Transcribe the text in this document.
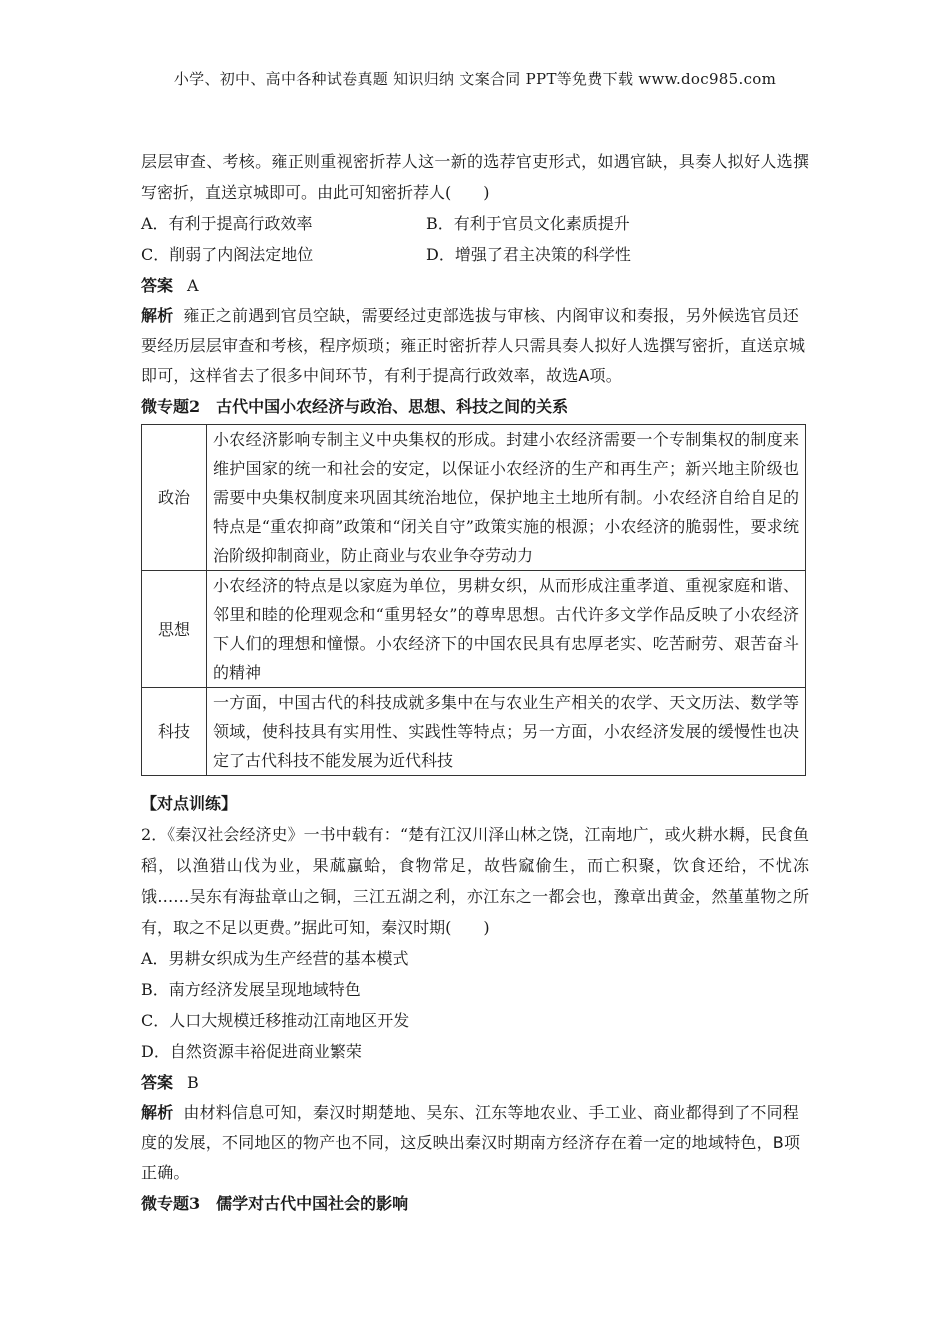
小学、初中、高中各种试卷真题 知识归纳 文案合同 PPT等免费下载 www.doc985.com

层层审查、考核。雍正则重视密折荐人这一新的选荐官吏形式，如遇官缺，具奏人拟好人选撰写密折，直送京城即可。由此可知密折荐人(　　)

A．有利于提高行政效率	B．有利于官员文化素质提升
C．削弱了内阁法定地位	D．增强了君主决策的科学性
答案 A
解析 雍正之前遇到官员空缺，需要经过吏部选拔与审核、内阁审议和奏报，另外候选官员还要经历层层审查和考核，程序烦琐；雍正时密折荐人只需具奏人拟好人选撰写密折，直送京城即可，这样省去了很多中间环节，有利于提高行政效率，故选A项。
微专题2　古代中国小农经济与政治、思想、科技之间的关系
政治	小农经济影响专制主义中央集权的形成。封建小农经济需要一个专制集权的制度来维护国家的统一和社会的安定，以保证小农经济的生产和再生产；新兴地主阶级也需要中央集权制度来巩固其统治地位，保护地主土地所有制。小农经济自给自足的特点是“重农抑商”政策和“闭关自守”政策实施的根源；小农经济的脆弱性，要求统治阶级抑制商业，防止商业与农业争夺劳动力
思想	小农经济的特点是以家庭为单位，男耕女织，从而形成注重孝道、重视家庭和谐、邻里和睦的伦理观念和“重男轻女”的尊卑思想。古代许多文学作品反映了小农经济下人们的理想和憧憬。小农经济下的中国农民具有忠厚老实、吃苦耐劳、艰苦奋斗的精神
科技	一方面，中国古代的科技成就多集中在与农业生产相关的农学、天文历法、数学等领域，使科技具有实用性、实践性等特点；另一方面，小农经济发展的缓慢性也决定了古代科技不能发展为近代科技
【对点训练】

2．《秦汉社会经济史》一书中载有：“楚有江汉川泽山林之饶，江南地广，或火耕水耨，民食鱼稻，以渔猎山伐为业，果蓏蠃蛤，食物常足，故呰窳偷生，而亡积聚，饮食还给，不忧冻饿……吴东有海盐章山之铜，三江五湖之利，亦江东之一都会也，豫章出黄金，然堇堇物之所有，取之不足以更费。”据此可知，秦汉时期(　　)

A．男耕女织成为生产经营的基本模式
B．南方经济发展呈现地域特色
C．人口大规模迁移推动江南地区开发
D．自然资源丰裕促进商业繁荣
答案 B
解析 由材料信息可知，秦汉时期楚地、吴东、江东等地农业、手工业、商业都得到了不同程度的发展，不同地区的物产也不同，这反映出秦汉时期南方经济存在着一定的地域特色，B项正确。
微专题3　儒学对古代中国社会的影响
